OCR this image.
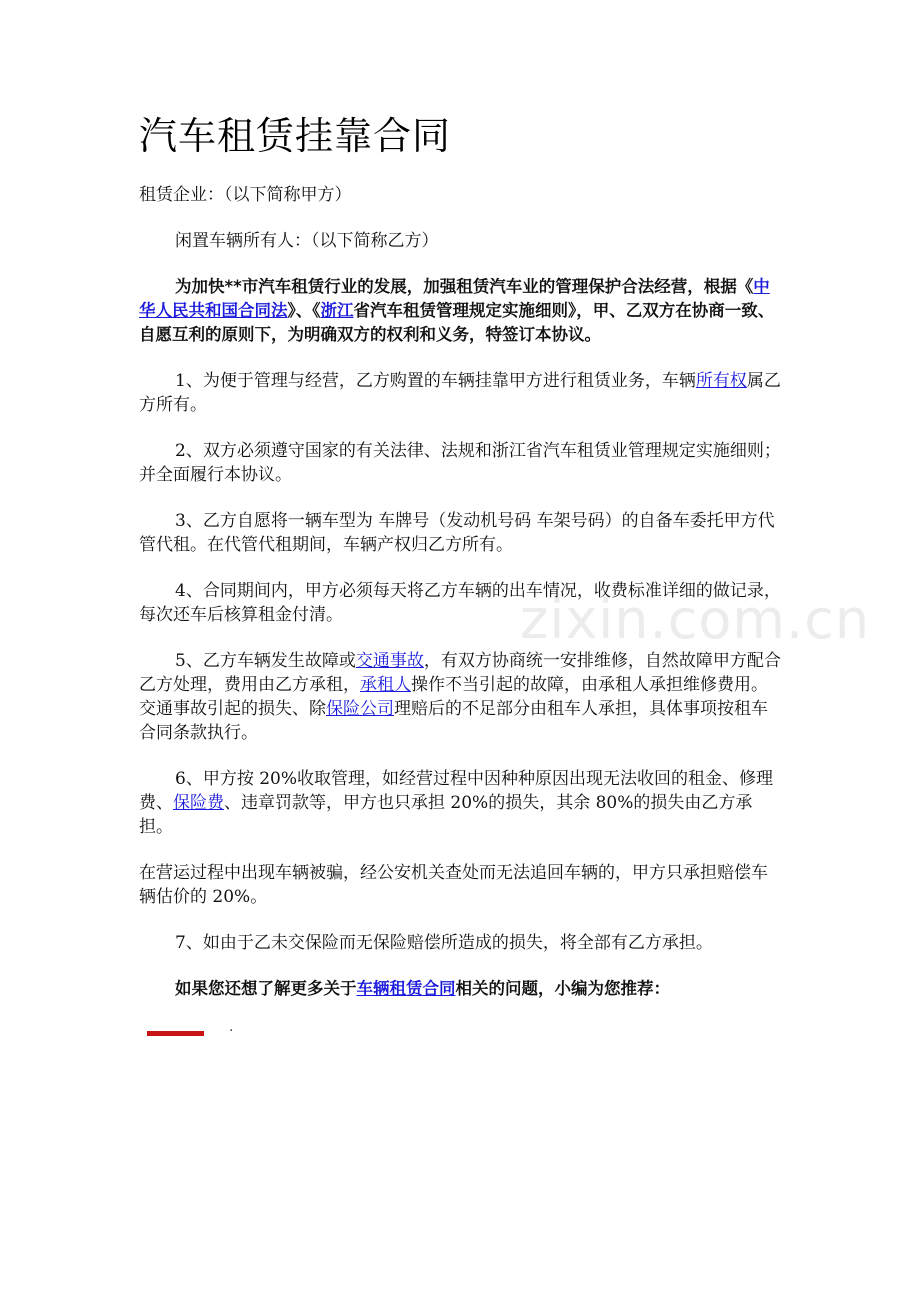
zixin.com.cn
汽车租赁挂靠合同

租赁企业：（以下简称甲方）

闲置车辆所有人：（以下简称乙方）

为加快**市汽车租赁行业的发展，加强租赁汽车业的管理保护合法经营，根据《中华人民共和国合同法》、《浙江省汽车租赁管理规定实施细则》，甲、乙双方在协商一致、自愿互利的原则下，为明确双方的权利和义务，特签订本协议。

1、为便于管理与经营，乙方购置的车辆挂靠甲方进行租赁业务，车辆所有权属乙方所有。

2、双方必须遵守国家的有关法律、法规和浙江省汽车租赁业管理规定实施细则；并全面履行本协议。

3、乙方自愿将一辆车型为 车牌号（发动机号码 车架号码）的自备车委托甲方代管代租。在代管代租期间，车辆产权归乙方所有。

4、合同期间内，甲方必须每天将乙方车辆的出车情况，收费标准详细的做记录，每次还车后核算租金付清。

5、乙方车辆发生故障或交通事故，有双方协商统一安排维修，自然故障甲方配合乙方处理，费用由乙方承租，承租人操作不当引起的故障，由承租人承担维修费用。交通事故引起的损失、除保险公司理赔后的不足部分由租车人承担，具体事项按租车合同条款执行。

6、甲方按 20%收取管理，如经营过程中因种种原因出现无法收回的租金、修理费、保险费、违章罚款等，甲方也只承担 20%的损失，其余 80%的损失由乙方承担。

在营运过程中出现车辆被骗，经公安机关查处而无法追回车辆的，甲方只承担赔偿车辆估价的 20%。

7、如由于乙未交保险而无保险赔偿所造成的损失，将全部有乙方承担。

如果您还想了解更多关于车辆租赁合同相关的问题，小编为您推荐：

·
